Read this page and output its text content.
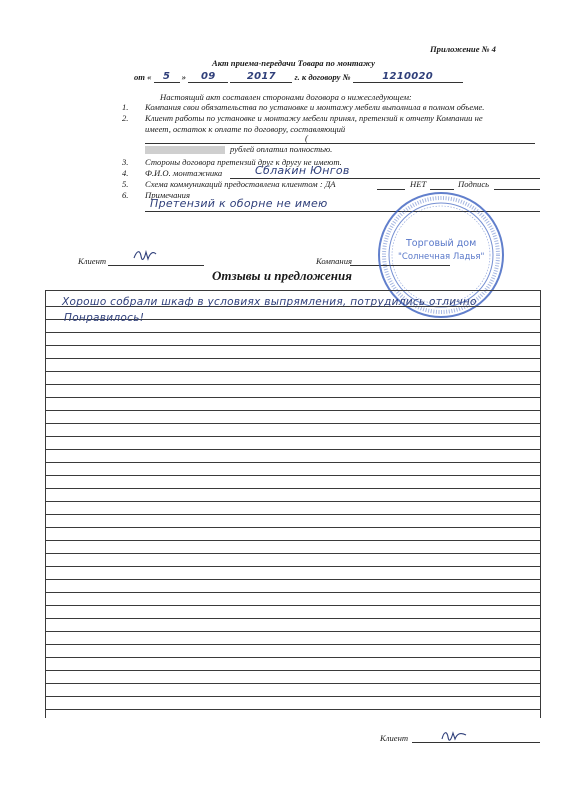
Приложение № 4
Акт приема-передачи Товара по монтажу
от « 5 » 09	2017 г. к договору №	1210020
Настоящий акт составлен сторонами договора о нижеследующем:
1. Компания свои обязательства по установке и монтажу мебели выполнила в полном объеме.
2. Клиент работы по установке и монтажу мебели принял, претензий к отчету Компании не
имеет, остаток к оплате по договору, составляющий
(
рублей оплатил полностью.
3. Стороны договора претензий друг к другу не имеют.
4. Ф.И.О. монтажника	Сблакин Юнгов
5. Схема коммуникаций предоставлена клиентом : ДА	НЕТ	Подпись
6. Примечания
Претензий к оборне не имею
Клиент	Компания
Торговый дом
"Солнечная Ладья"
Отзывы и предложения
Хорошо собрали шкаф в условиях выпрямления, потрудились отлично
Понравилось!
Клиент
